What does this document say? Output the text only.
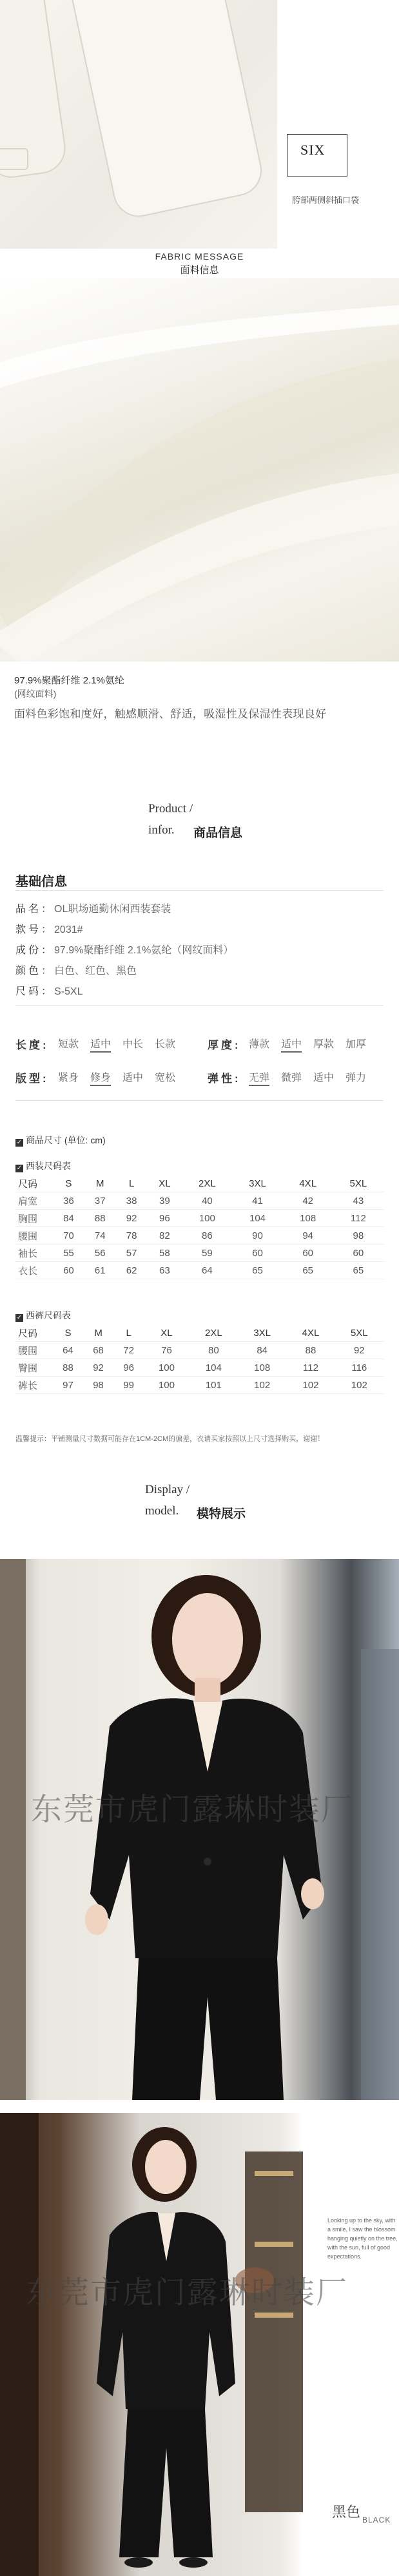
SIX
胯部两侧斜插口袋
FABRIC MESSAGE
面料信息
97.9%聚酯纤维 2.1%氨纶
(网纹面料)
面料色彩饱和度好，触感顺滑、舒适，吸湿性及保湿性表现良好
Product /
infor. 商品信息
基础信息
品名：OL职场通勤休闲西装套装
款号：2031#
成份：97.9%聚酯纤维 2.1%氨纶（网纹面料）
颜色：白色、红色、黑色
尺码：S-5XL
长度: 短款 适中 中长 长款	厚度: 薄款 适中 厚款 加厚
版型: 紧身 修身 适中 宽松	弹性: 无弹 微弹 适中 弹力
✓ 商品尺寸 (单位: cm)
✓ 西装尺码表
尺码	S	M	L	XL	2XL	3XL	4XL	5XL
肩宽	36	37	38	39	40	41	42	43
胸围	84	88	92	96	100	104	108	112
腰围	70	74	78	82	86	90	94	98
袖长	55	56	57	58	59	60	60	60
衣长	60	61	62	63	64	65	65	65
✓ 西裤尺码表
尺码	S	M	L	XL	2XL	3XL	4XL	5XL
腰围	64	68	72	76	80	84	88	92
臀围	88	92	96	100	104	108	112	116
裤长	97	98	99	100	101	102	102	102
温馨提示：平铺测量尺寸数据可能存在1CM-2CM的偏差，衣请买家按照以上尺寸选择购买，谢谢！
Display /
model. 模特展示
东莞市虎门露琳时装厂
东莞市虎门露琳时装厂
Looking up to the sky, with a smile, I saw the blossom hanging quietly on the tree, with the sun, full of good expectations.
黑色 BLACK
